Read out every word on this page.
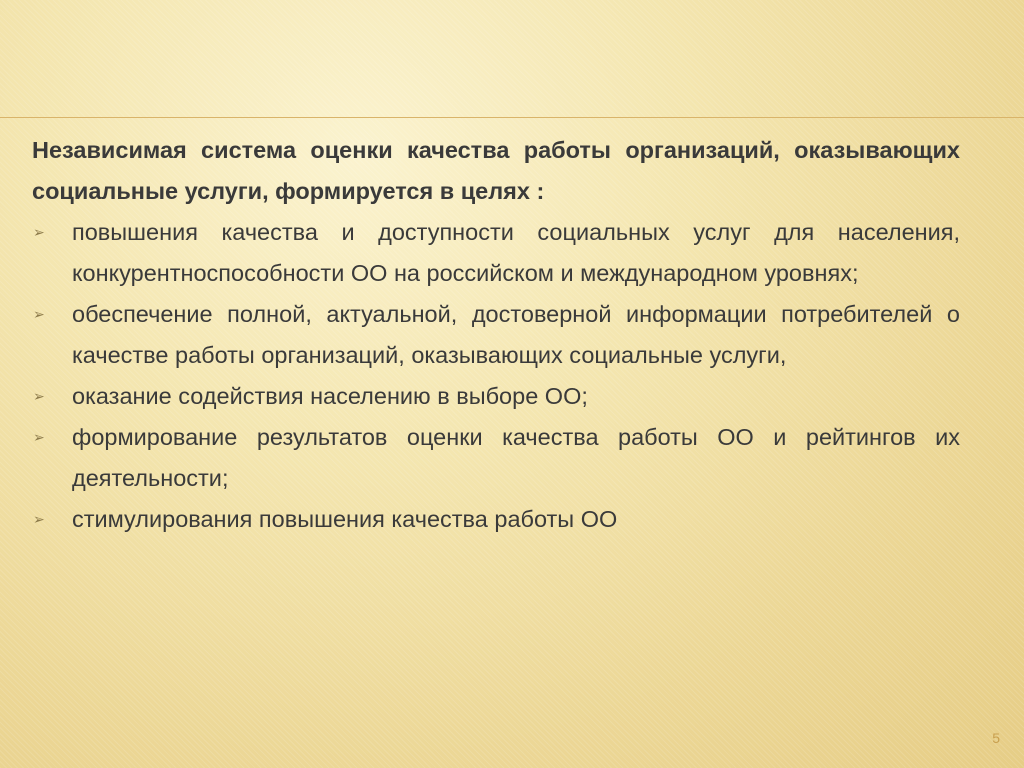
Независимая система оценки качества работы организаций, оказывающих социальные услуги, формируется в целях :

➢ повышения качества и доступности социальных услуг для населения, конкурентноспособности ОО на российском и международном уровнях;
➢ обеспечение полной, актуальной, достоверной информации потребителей о качестве работы организаций, оказывающих социальные услуги,
➢ оказание содействия населению в выборе ОО;
➢ формирование результатов оценки качества работы ОО и рейтингов их деятельности;
➢ стимулирования повышения качества работы ОО
5
